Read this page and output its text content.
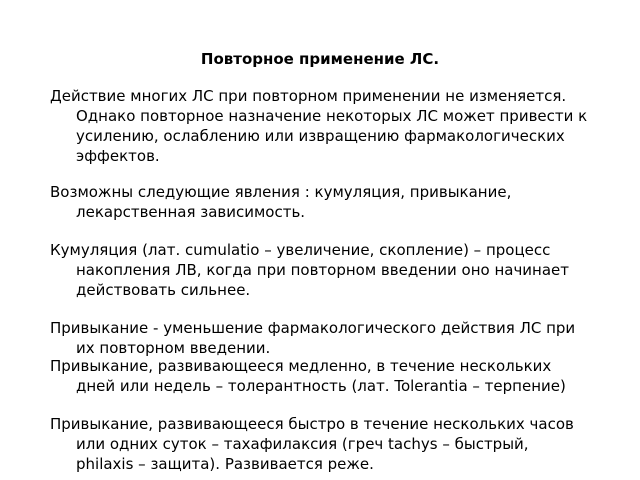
Повторное применение ЛС.

Действие многих ЛС при повторном применении не изменяется. Однако повторное назначение некоторых ЛС может привести к усилению, ослаблению или извращению фармакологических эффектов.

Возможны следующие явления : кумуляция, привыкание, лекарственная зависимость.

Кумуляция (лат. cumulatio – увеличение, скопление) – процесс накопления ЛВ, когда при повторном введении оно начинает действовать сильнее.

Привыкание - уменьшение фармакологического действия ЛС при их повторном введении.

Привыкание, развивающееся медленно, в течение нескольких дней или недель – толерантность (лат. Tolerantia – терпение)

Привыкание, развивающееся быстро в течение нескольких часов или одних суток – тахафилаксия (греч tachys – быстрый, philaxis – защита). Развивается реже.
